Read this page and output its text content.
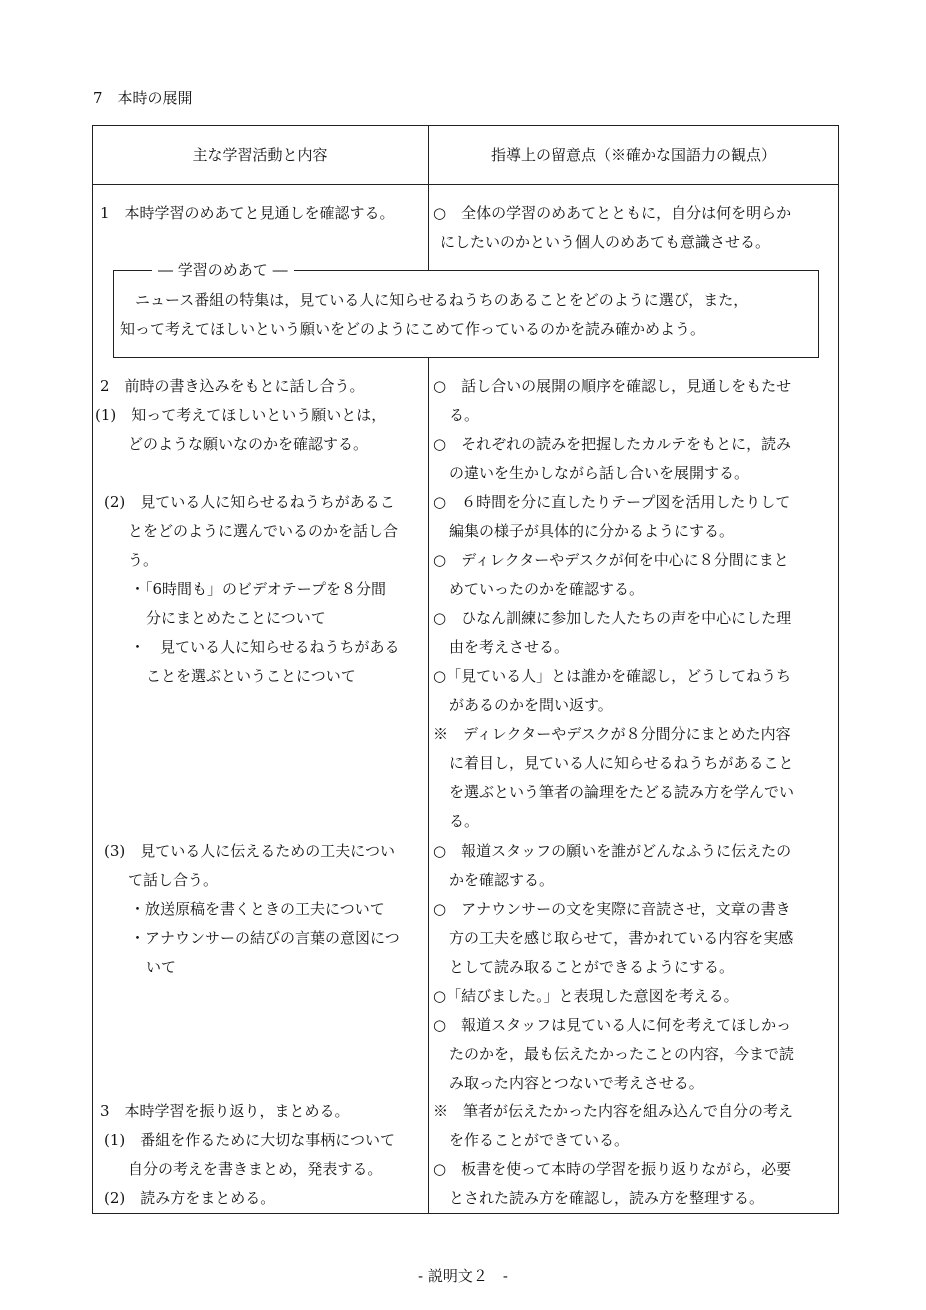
7　本時の展開
主な学習活動と内容	指導上の留意点（※確かな国語力の観点）
1　本時学習のめあてと見通しを確認する。	○　全体の学習のめあてとともに，自分は何を明らか
にしたいのかという個人のめあても意識させる。
― 学習のめあて ―
ニュース番組の特集は，見ている人に知らせるねうちのあることをどのように選び，また，
知って考えてほしいという願いをどのようにこめて作っているのかを読み確かめよう。
2　前時の書き込みをもとに話し合う。
(1)　知って考えてほしいという願いとは，
どのような願いなのかを確認する。
(2)　見ている人に知らせるねうちがあるこ
とをどのように選んでいるのかを話し合
う。
・「6時間も」のビデオテープを８分間
分にまとめたことについて
・　見ている人に知らせるねうちがある
ことを選ぶということについて
(3)　見ている人に伝えるための工夫につい
て話し合う。
・放送原稿を書くときの工夫について
・アナウンサーの結びの言葉の意図につ
いて
3　本時学習を振り返り，まとめる。
(1)　番組を作るために大切な事柄について
自分の考えを書きまとめ，発表する。
(2)　読み方をまとめる。
○　話し合いの展開の順序を確認し，見通しをもたせ
る。
○　それぞれの読みを把握したカルテをもとに，読み
の違いを生かしながら話し合いを展開する。
○　６時間を分に直したりテープ図を活用したりして
編集の様子が具体的に分かるようにする。
○　ディレクターやデスクが何を中心に８分間にまと
めていったのかを確認する。
○　ひなん訓練に参加した人たちの声を中心にした理
由を考えさせる。
○「見ている人」とは誰かを確認し，どうしてねうち
があるのかを問い返す。
※　ディレクターやデスクが８分間分にまとめた内容
に着目し，見ている人に知らせるねうちがあること
を選ぶという筆者の論理をたどる読み方を学んでい
る。
○　報道スタッフの願いを誰がどんなふうに伝えたの
かを確認する。
○　アナウンサーの文を実際に音読させ，文章の書き
方の工夫を感じ取らせて，書かれている内容を実感
として読み取ることができるようにする。
○「結びました。」と表現した意図を考える。
○　報道スタッフは見ている人に何を考えてほしかっ
たのかを，最も伝えたかったことの内容，今まで読
み取った内容とつないで考えさせる。
※　筆者が伝えたかった内容を組み込んで自分の考え
を作ることができている。
○　板書を使って本時の学習を振り返りながら，必要
とされた読み方を確認し，読み方を整理する。
- 説明文２　-
